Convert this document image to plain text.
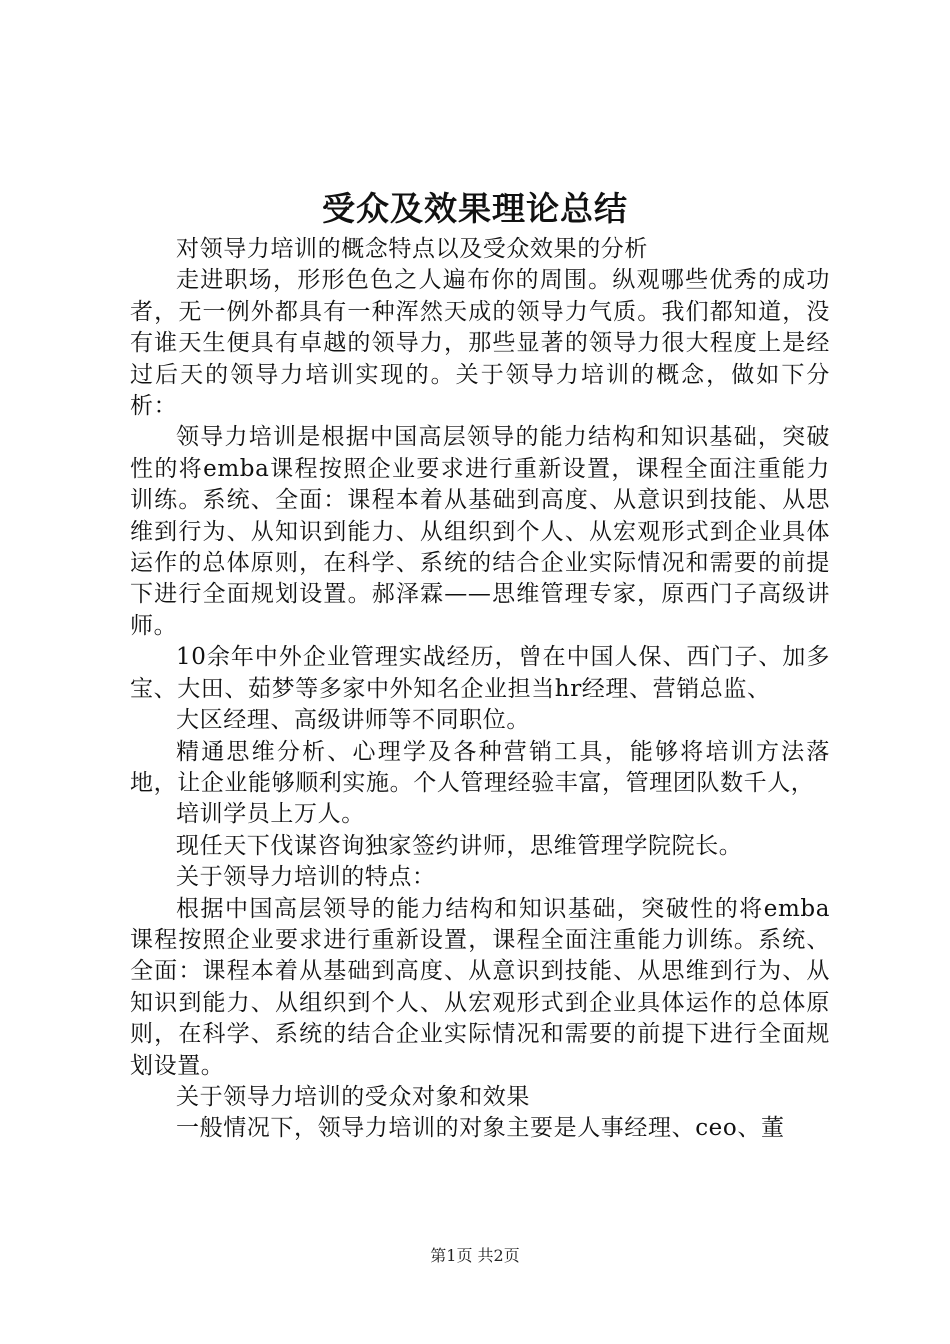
受众及效果理论总结

对领导力培训的概念特点以及受众效果的分析

走进职场，形形色色之人遍布你的周围。纵观哪些优秀的成功者，无一例外都具有一种浑然天成的领导力气质。我们都知道，没有谁天生便具有卓越的领导力，那些显著的领导力很大程度上是经过后天的领导力培训实现的。关于领导力培训的概念，做如下分析：

领导力培训是根据中国高层领导的能力结构和知识基础，突破性的将emba课程按照企业要求进行重新设置，课程全面注重能力训练。系统、全面：课程本着从基础到高度、从意识到技能、从思维到行为、从知识到能力、从组织到个人、从宏观形式到企业具体运作的总体原则，在科学、系统的结合企业实际情况和需要的前提下进行全面规划设置。郝泽霖——思维管理专家，原西门子高级讲师。

10余年中外企业管理实战经历，曾在中国人保、西门子、加多宝、大田、茹梦等多家中外知名企业担当hr经理、营销总监、

大区经理、高级讲师等不同职位。

精通思维分析、心理学及各种营销工具，能够将培训方法落地，让企业能够顺利实施。个人管理经验丰富，管理团队数千人，

培训学员上万人。

现任天下伐谋咨询独家签约讲师，思维管理学院院长。

关于领导力培训的特点：

根据中国高层领导的能力结构和知识基础，突破性的将emba课程按照企业要求进行重新设置，课程全面注重能力训练。系统、全面：课程本着从基础到高度、从意识到技能、从思维到行为、从知识到能力、从组织到个人、从宏观形式到企业具体运作的总体原则，在科学、系统的结合企业实际情况和需要的前提下进行全面规划设置。

关于领导力培训的受众对象和效果

一般情况下，领导力培训的对象主要是人事经理、ceo、董

第1页 共2页
